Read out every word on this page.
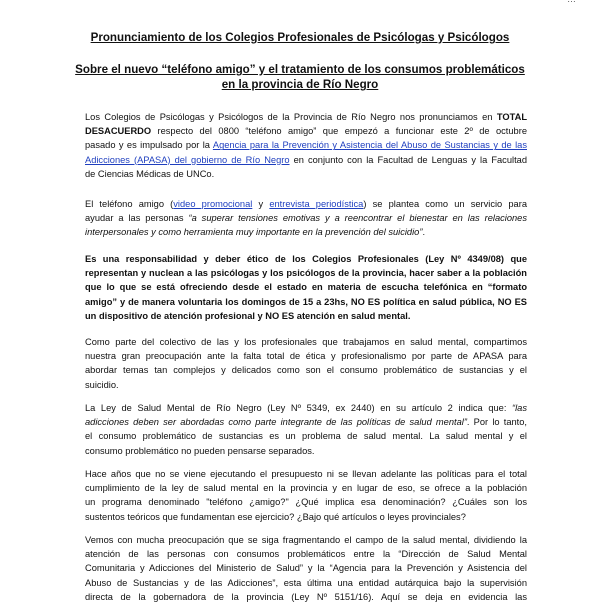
Pronunciamiento de los Colegios Profesionales de Psicólogas y Psicólogos
Sobre el nuevo “teléfono amigo” y el tratamiento de los consumos problemáticos
en la provincia de Río Negro
Los Colegios de Psicólogas y Psicólogos de la Provincia de Río Negro nos pronunciamos en TOTAL
DESACUERDO respecto del 0800 “teléfono amigo” que empezó a funcionar este 2º de octubre
pasado y es impulsado por la Agencia para la Prevención y Asistencia del Abuso de Sustancias y de las
Adicciones (APASA) del gobierno de Río Negro en conjunto con la Facultad de Lenguas y la Facultad
de Ciencias Médicas de UNCo.
El teléfono amigo (video promocional y entrevista periodística) se plantea como un servicio para
ayudar a las personas “a superar tensiones emotivas y a reencontrar el bienestar en las relaciones
interpersonales y como herramienta muy importante en la prevención del suicidio”.
Es una responsabilidad y deber ético de los Colegios Profesionales (Ley Nº 4349/08) que
representan y nuclean a las psicólogas y los psicólogos de la provincia, hacer saber a la población
que lo que se está ofreciendo desde el estado en materia de escucha telefónica en “formato
amigo” y de manera voluntaria los domingos de 15 a 23hs, NO ES política en salud pública, NO ES
un dispositivo de atención profesional y NO ES atención en salud mental.
Como parte del colectivo de las y los profesionales que trabajamos en salud mental, compartimos
nuestra gran preocupación ante la falta total de ética y profesionalismo por parte de APASA para
abordar temas tan complejos y delicados como son el consumo problemático de sustancias y el
suicidio.
La Ley de Salud Mental de Río Negro (Ley Nº 5349, ex 2440) en su artículo 2 indica que: “las
adicciones deben ser abordadas como parte integrante de las políticas de salud mental”. Por lo tanto,
el consumo problemático de sustancias es un problema de salud mental. La salud mental y el
consumo problemático no pueden pensarse separados.
Hace años que no se viene ejecutando el presupuesto ni se llevan adelante las políticas para el total
cumplimiento de la ley de salud mental en la provincia y en lugar de eso, se ofrece a la población
un programa denominado "teléfono ¿amigo?" ¿Qué implica esa denominación? ¿Cuáles son los
sustentos teóricos que fundamentan ese ejercicio? ¿Bajo qué artículos o leyes provinciales?
Vemos con mucha preocupación que se siga fragmentando el campo de la salud mental, dividiendo la
atención de las personas con consumos problemáticos entre la “Dirección de Salud Mental
Comunitaria y Adicciones del Ministerio de Salud” y la “Agencia para la Prevención y Asistencia del
Abuso de Sustancias y de las Adicciones”, esta última una entidad autárquica bajo la supervisión
directa de la gobernadora de la provincia (Ley Nº 5151/16). Aquí se deja en evidencia las
